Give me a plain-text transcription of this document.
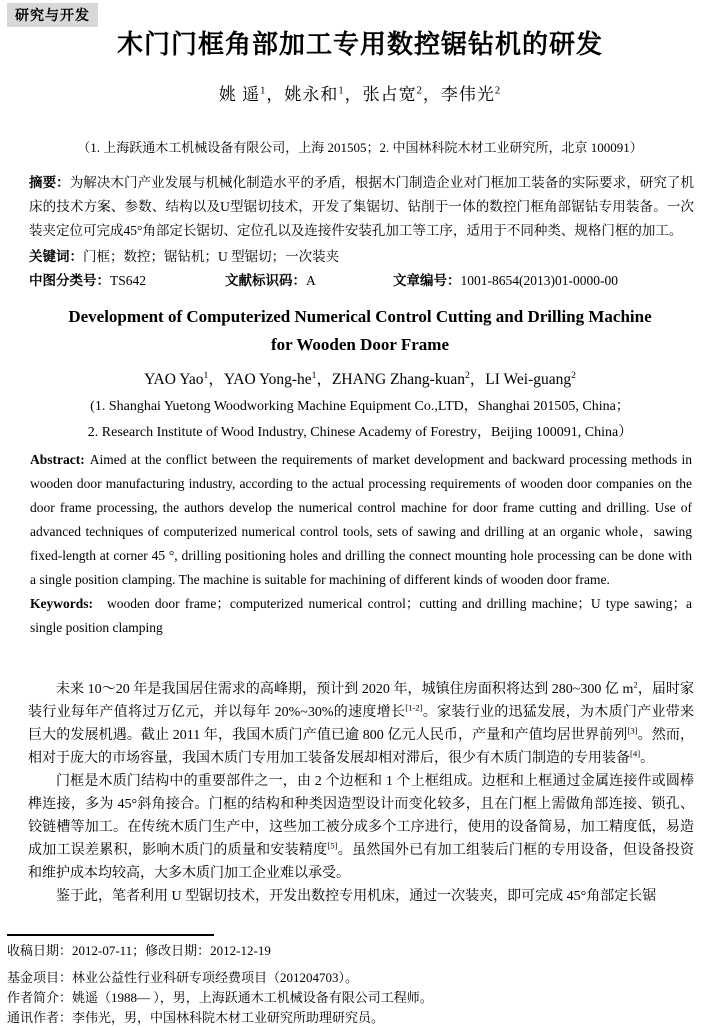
研究与开发
木门门框角部加工专用数控锯钻机的研发
姚 遥$^1$，姚永和$^1$，张占宽$^2$，李伟光$^2$
（1. 上海跃通木工机械设备有限公司，上海 201505；2. 中国林科院木材工业研究所，北京 100091）

摘要：为解决木门产业发展与机械化制造水平的矛盾，根据木门制造企业对门框加工装备的实际要求，研究了机床的技术方案、参数、结构以及U型锯切技术，开发了集锯切、钻削于一体的数控门框角部锯钻专用装备。一次装夹定位可完成45°角部定长锯切、定位孔以及连接件安装孔加工等工序，适用于不同种类、规格门框的加工。

关键词：门框；数控；锯钻机；U 型锯切；一次装夹

中图分类号：TS642	文献标识码：A	文章编号：1001-8654(2013)01-0000-00
Development of Computerized Numerical Control Cutting and Drilling Machine
for Wooden Door Frame
YAO Yao$^1$，YAO Yong-$he^1$，ZHANG Zhang-kuan$^2$，LI Wei-guang$^2$
(1. Shanghai Yuetong Woodworking Machine Equipment Co.,LTD，Shanghai 201505, China；
2. Research Institute of Wood Industry, Chinese Academy of Forestry，Beijing 100091, China）

Abstract: Aimed at the conflict between the requirements of market development and backward processing methods in wooden door manufacturing industry, according to the actual processing requirements of wooden door companies on the door frame processing, the authors develop the numerical control machine for door frame cutting and drilling. Use of advanced techniques of computerized numerical control tools, sets of sawing and drilling at an organic whole，sawing fixed-length at corner 45 °, drilling positioning holes and drilling the connect mounting hole processing can be done with a single position clamping. The machine is suitable for machining of different kinds of wooden door frame.

Keywords: wooden door frame；computerized numerical control；cutting and drilling machine；U type sawing；a single position clamping

未来 10～20 年是我国居住需求的高峰期，预计到 2020 年，城镇住房面积将达到 280~300 亿 $m^2$，届时家装行业每年产值将过万亿元，并以每年 20%~30%的速度增长[1-2]。家装行业的迅猛发展，为木质门产业带来巨大的发展机遇。截止 2011 年，我国木质门产值已逾 800 亿元人民币，产量和产值均居世界前列[3]。然而，相对于庞大的市场容量，我国木质门专用加工装备发展却相对滞后，很少有木质门制造的专用装备[4]。

门框是木质门结构中的重要部件之一，由 2 个边框和 1 个上框组成。边框和上框通过金属连接件或圆棒榫连接，多为 45°斜角接合。门框的结构和种类因造型设计而变化较多，且在门框上需做角部连接、锁孔、铰链槽等加工。在传统木质门生产中，这些加工被分成多个工序进行，使用的设备简易，加工精度低，易造成加工误差累积，影响木质门的质量和安装精度[5]。虽然国外已有加工组装后门框的专用设备，但设备投资和维护成本均较高，大多木质门加工企业难以承受。

鉴于此，笔者利用 U 型锯切技术，开发出数控专用机床，通过一次装夹，即可完成 45°角部定长锯

收稿日期：2012-07-11；修改日期：2012-12-19

基金项目：林业公益性行业科研专项经费项目（201204703）。

作者简介：姚遥（1988— ），男，上海跃通木工机械设备有限公司工程师。

通讯作者：李伟光，男，中国林科院木材工业研究所助理研究员。
